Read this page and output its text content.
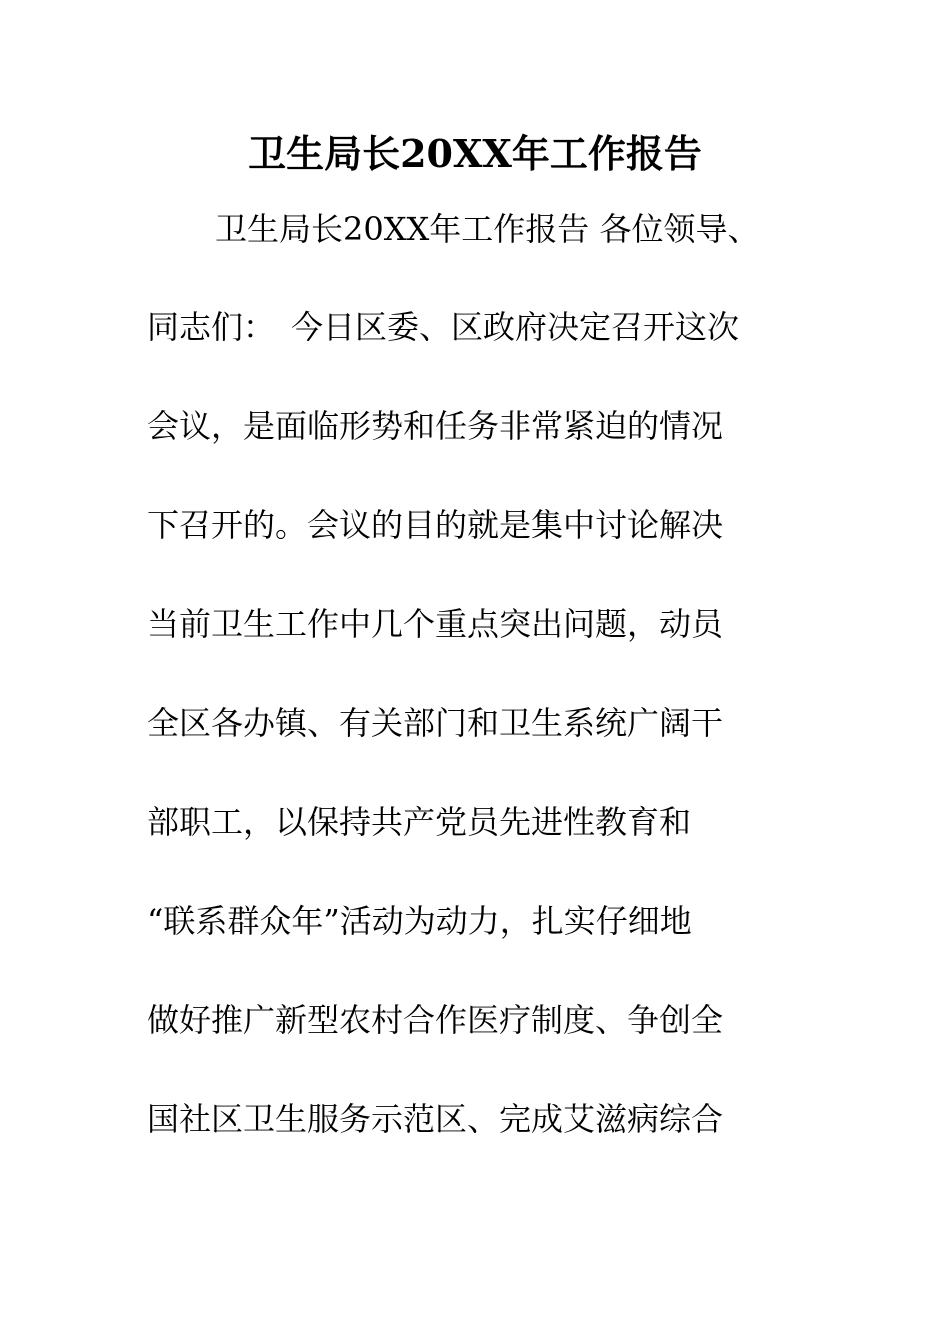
卫生局长20XX年工作报告

卫生局长20XX年工作报告 各位领导、

同志们：　今日区委、区政府决定召开这次

会议，是面临形势和任务非常紧迫的情况

下召开的。会议的目的就是集中讨论解决

当前卫生工作中几个重点突出问题，动员

全区各办镇、有关部门和卫生系统广阔干

部职工，以保持共产党员先进性教育和

“联系群众年”活动为动力，扎实仔细地

做好推广新型农村合作医疗制度、争创全

国社区卫生服务示范区、完成艾滋病综合
